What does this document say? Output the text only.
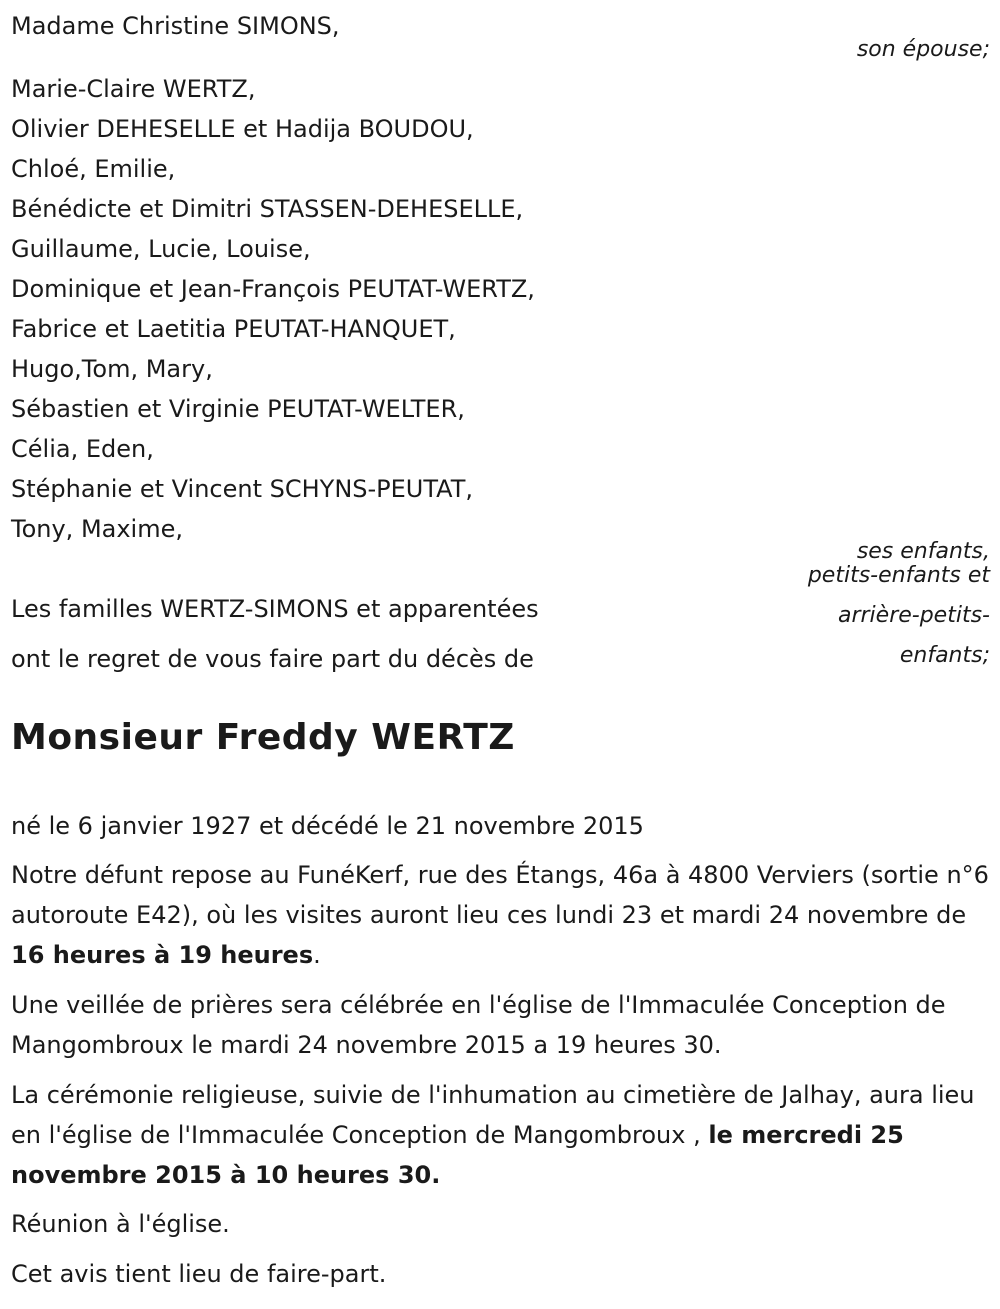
Madame Christine SIMONS,
son épouse;
Marie-Claire WERTZ,
Olivier DEHESELLE et Hadija BOUDOU,
Chloé, Emilie,
Bénédicte et Dimitri STASSEN-DEHESELLE,
Guillaume, Lucie, Louise,
Dominique et Jean-François PEUTAT-WERTZ,
Fabrice et Laetitia PEUTAT-HANQUET,
Hugo,Tom, Mary,
Sébastien et Virginie PEUTAT-WELTER,
Célia, Eden,
Stéphanie et Vincent SCHYNS-PEUTAT,
Tony, Maxime,
ses enfants,
petits-enfants et
arrière-petits-
enfants;
Les familles WERTZ-SIMONS et apparentées
ont le regret de vous faire part du décès de
Monsieur Freddy WERTZ
né le 6 janvier 1927 et décédé le 21 novembre 2015

Notre défunt repose au FunéKerf, rue des Étangs, 46a à 4800 Verviers (sortie n°6 autoroute E42), où les visites auront lieu ces lundi 23 et mardi 24 novembre de 16 heures à 19 heures.

Une veillée de prières sera célébrée en l'église de l'Immaculée Conception de Mangombroux le mardi 24 novembre 2015 a 19 heures 30.

La cérémonie religieuse, suivie de l'inhumation au cimetière de Jalhay, aura lieu en l'église de l'Immaculée Conception de Mangombroux , le mercredi 25 novembre 2015 à 10 heures 30.

Réunion à l'église.
Cet avis tient lieu de faire-part.
